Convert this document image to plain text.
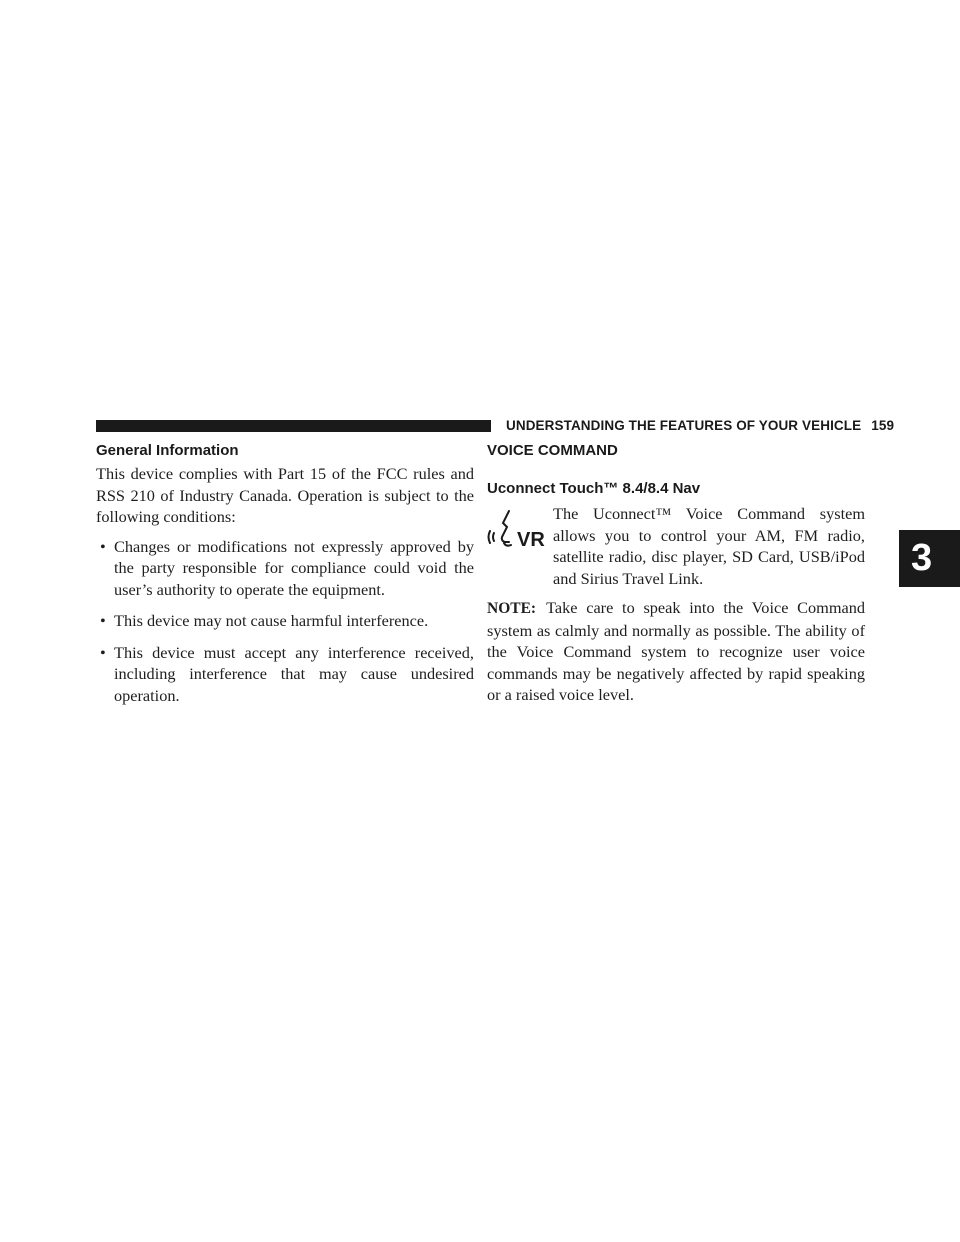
UNDERSTANDING THE FEATURES OF YOUR VEHICLE 159
General Information

This device complies with Part 15 of the FCC rules and RSS 210 of Industry Canada. Operation is subject to the following conditions:

• Changes or modifications not expressly approved by the party responsible for compliance could void the user’s authority to operate the equipment.
• This device may not cause harmful interference.
• This device must accept any interference received, including interference that may cause undesired operation.
VOICE COMMAND
Uconnect Touch™ 8.4/8.4 Nav
VR
The Uconnect™ Voice Command system allows you to control your AM, FM radio, satellite radio, disc player, SD Card, USB/iPod and Sirius Travel Link.

NOTE: Take care to speak into the Voice Command system as calmly and normally as possible. The ability of the Voice Command system to recognize user voice commands may be negatively affected by rapid speaking or a raised voice level.

3
